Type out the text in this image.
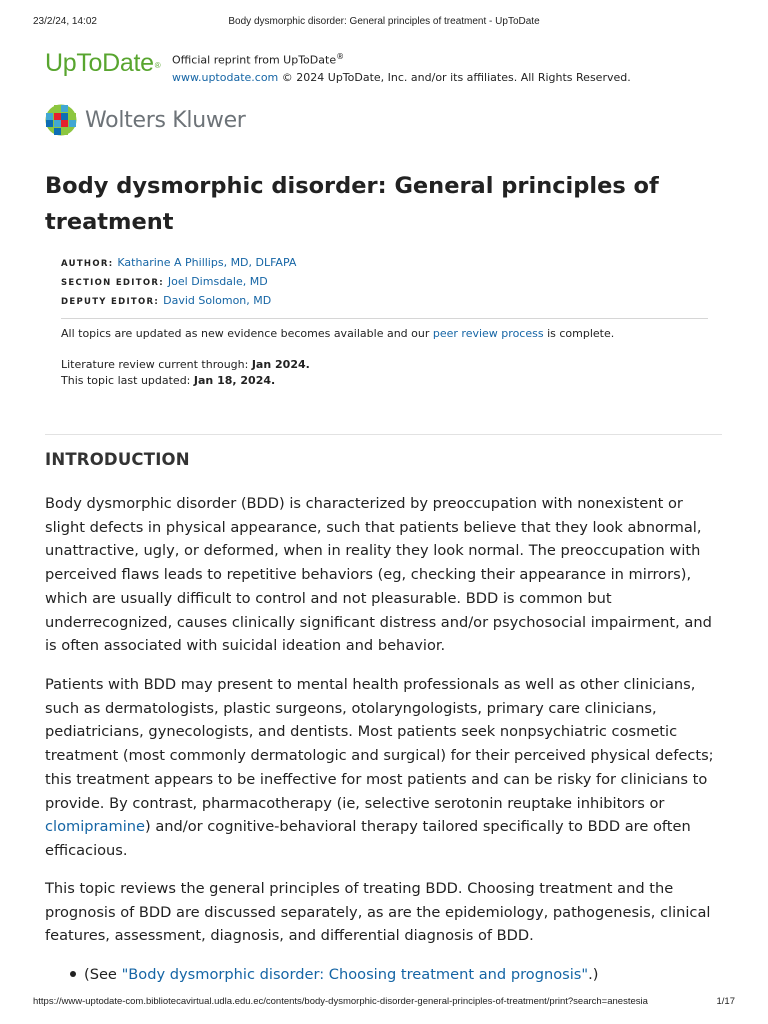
23/2/24, 14:02	Body dysmorphic disorder: General principles of treatment - UpToDate
UpToDate® Official reprint from UpToDate®
www.uptodate.com © 2024 UpToDate, Inc. and/or its affiliates. All Rights Reserved.
Wolters Kluwer
Body dysmorphic disorder: General principles of treatment
AUTHOR: Katharine A Phillips, MD, DLFAPA
SECTION EDITOR: Joel Dimsdale, MD
DEPUTY EDITOR: David Solomon, MD
All topics are updated as new evidence becomes available and our peer review process is complete.
Literature review current through: Jan 2024.
This topic last updated: Jan 18, 2024.
INTRODUCTION

Body dysmorphic disorder (BDD) is characterized by preoccupation with nonexistent or slight defects in physical appearance, such that patients believe that they look abnormal, unattractive, ugly, or deformed, when in reality they look normal. The preoccupation with perceived flaws leads to repetitive behaviors (eg, checking their appearance in mirrors), which are usually difficult to control and not pleasurable. BDD is common but underrecognized, causes clinically significant distress and/or psychosocial impairment, and is often associated with suicidal ideation and behavior.

Patients with BDD may present to mental health professionals as well as other clinicians, such as dermatologists, plastic surgeons, otolaryngologists, primary care clinicians, pediatricians, gynecologists, and dentists. Most patients seek nonpsychiatric cosmetic treatment (most commonly dermatologic and surgical) for their perceived physical defects; this treatment appears to be ineffective for most patients and can be risky for clinicians to provide. By contrast, pharmacotherapy (ie, selective serotonin reuptake inhibitors or clomipramine) and/or cognitive-behavioral therapy tailored specifically to BDD are often efficacious.

This topic reviews the general principles of treating BDD. Choosing treatment and the prognosis of BDD are discussed separately, as are the epidemiology, pathogenesis, clinical features, assessment, diagnosis, and differential diagnosis of BDD.

(See "Body dysmorphic disorder: Choosing treatment and prognosis".)
https://www-uptodate-com.bibliotecavirtual.udla.edu.ec/contents/body-dysmorphic-disorder-general-principles-of-treatment/print?search=anestesia	1/17
